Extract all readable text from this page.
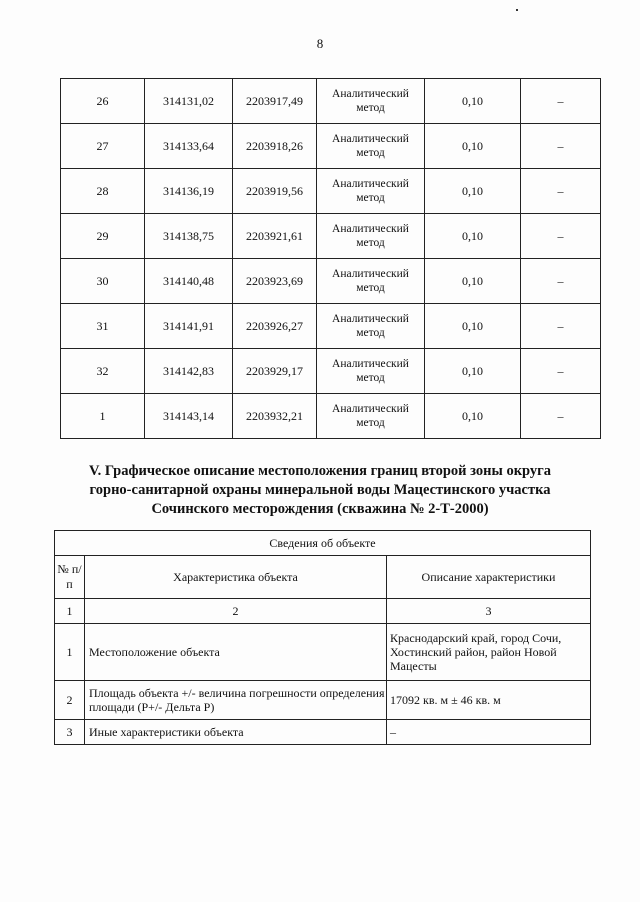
8
26	314131,02	2203917,49	Аналитический метод	0,10	–
27	314133,64	2203918,26	Аналитический метод	0,10	–
28	314136,19	2203919,56	Аналитический метод	0,10	–
29	314138,75	2203921,61	Аналитический метод	0,10	–
30	314140,48	2203923,69	Аналитический метод	0,10	–
31	314141,91	2203926,27	Аналитический метод	0,10	–
32	314142,83	2203929,17	Аналитический метод	0,10	–
1	314143,14	2203932,21	Аналитический метод	0,10	–
V. Графическое описание местоположения границ второй зоны округа
горно-санитарной охраны минеральной воды Мацестинского участка
Сочинского месторождения (скважина № 2-Т-2000)
Сведения об объекте		
№ п/п	Характеристика объекта	Описание характеристики
1	2	3
1	Местоположение объекта	Краснодарский край, город Сочи, Хостинский район, район Новой Мацесты
2	Площадь объекта +/- величина погрешности определения площади (Р+/- Дельта Р)	17092 кв. м ± 46 кв. м
3	Иные характеристики объекта	–
